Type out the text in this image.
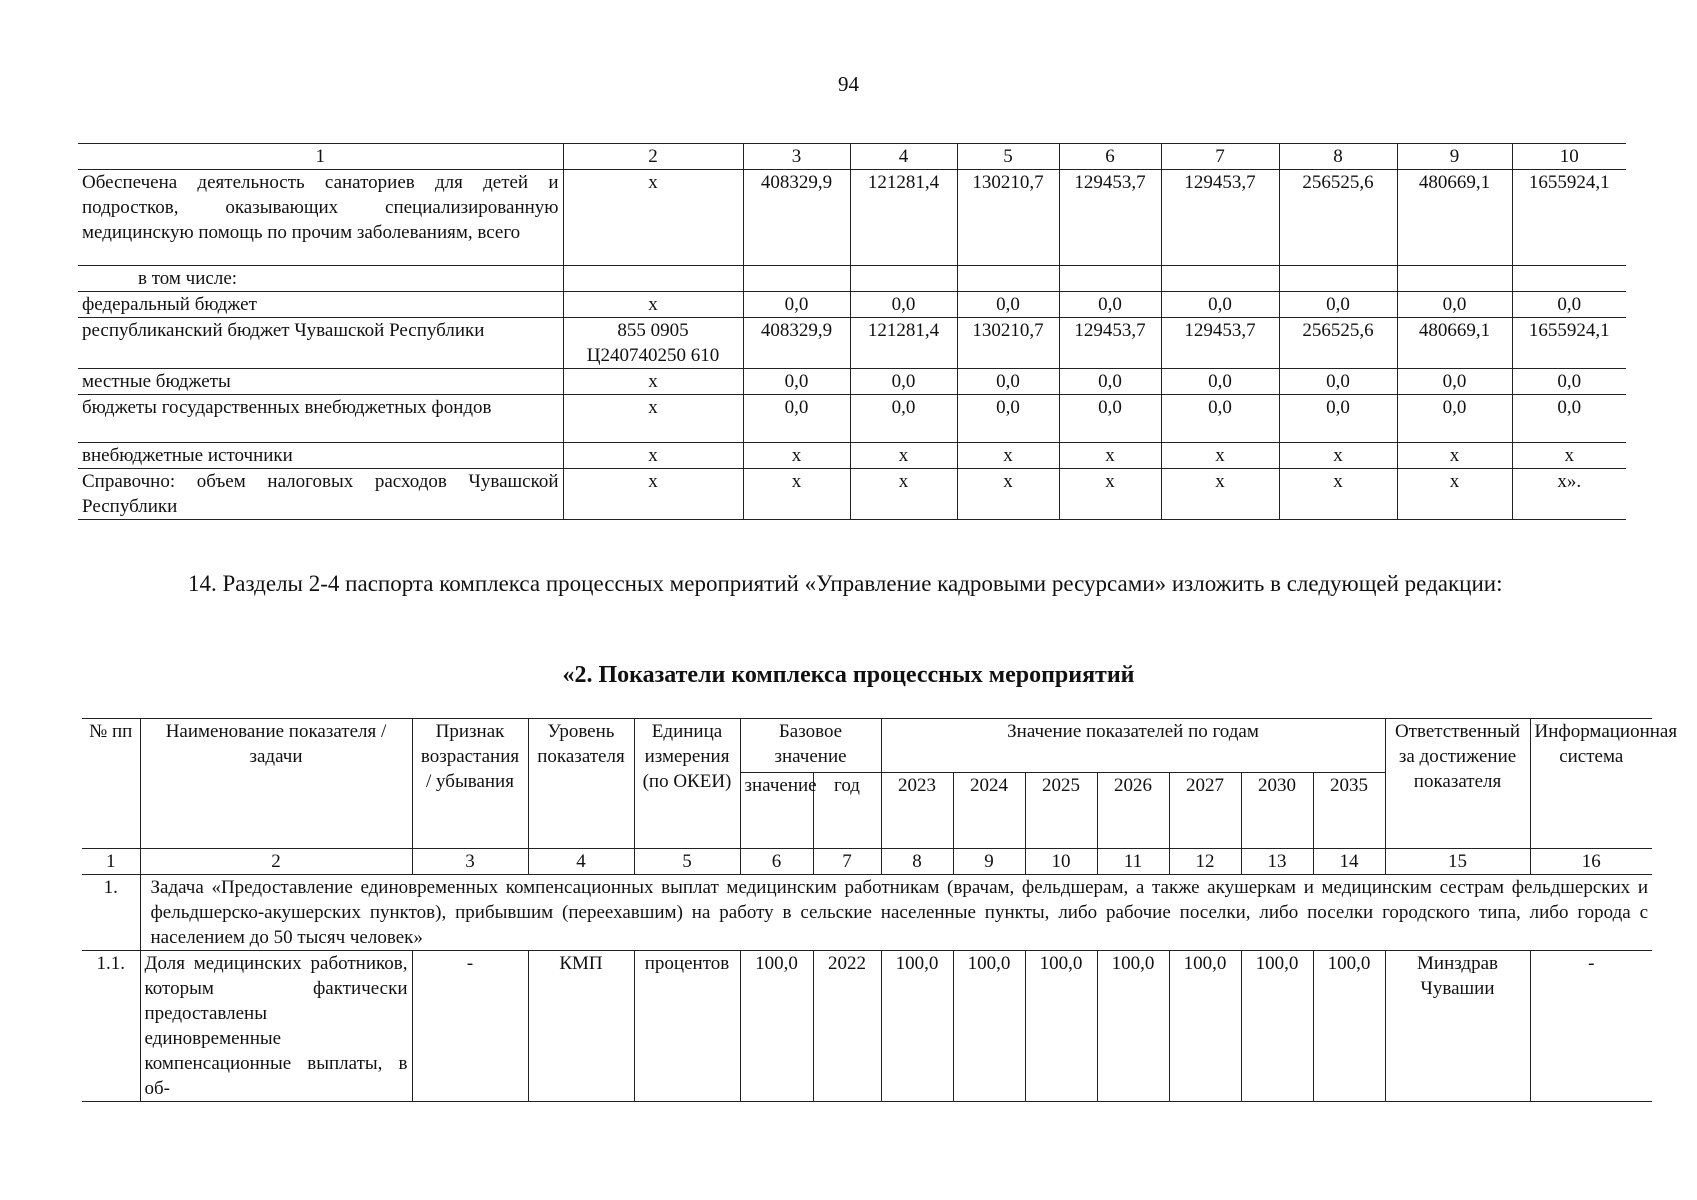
94
1	2	3	4	5	6	7	8	9	10
Обеспечена деятельность санаториев для детей и подростков, оказывающих специализированную медицинскую помощь по прочим заболеваниям, всего	x	408329,9	121281,4	130210,7	129453,7	129453,7	256525,6	480669,1	1655924,1
в том числе:									
федеральный бюджет	x	0,0	0,0	0,0	0,0	0,0	0,0	0,0	0,0
республиканский бюджет Чувашской Республики	855 0905 Ц240740250 610	408329,9	121281,4	130210,7	129453,7	129453,7	256525,6	480669,1	1655924,1
местные бюджеты	x	0,0	0,0	0,0	0,0	0,0	0,0	0,0	0,0
бюджеты государственных внебюджетных фондов	x	0,0	0,0	0,0	0,0	0,0	0,0	0,0	0,0
внебюджетные источники	x	x	x	x	x	x	x	x	x
Справочно: объем налоговых расходов Чувашской Республики	x	x	x	x	x	x	x	x	x».
14. Разделы 2-4 паспорта комплекса процессных мероприятий «Управление кадровыми ресурсами» изложить в следующей редакции:
«2. Показатели комплекса процессных мероприятий
№ пп	Наименование показателя / задачи	Признак возрастания / убывания	Уровень показателя	Единица измерения (по ОКЕИ)	Базовое значение		Значение показателей по годам							Ответственный за достижение показателя	Информационная система
					значение	год	2023	2024	2025	2026	2027	2030	2035		
1	2	3	4	5	6	7	8	9	10	11	12	13	14	15	16
1.	Задача «Предоставление единовременных компенсационных выплат медицинским работникам (врачам, фельдшерам, а также акушеркам и медицинским сестрам фельдшерских и фельдшерско-акушерских пунктов), прибывшим (переехавшим) на работу в сельские населенные пункты, либо рабочие поселки, либо поселки городского типа, либо города с населением до 50 тысяч человек»														
1.1.	Доля медицинских работников, которым фактически предоставлены единовременные компенсационные выплаты, в об-	-	КМП	процентов	100,0	2022	100,0	100,0	100,0	100,0	100,0	100,0	100,0	Минздрав Чувашии	-
